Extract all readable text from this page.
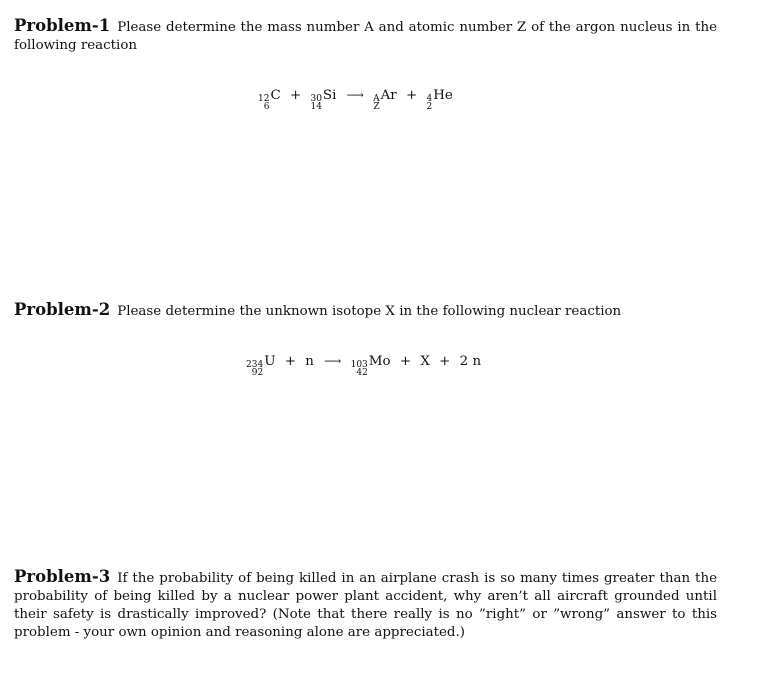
Problem-1 Please determine the mass number A and atomic number Z of the argon nucleus in the following reaction
12
6
C + 30
14
Si ⟶ A
Z
Ar + 4
2
He
Problem-2 Please determine the unknown isotope X in the following nuclear reaction
234
92
U + n ⟶ 103
42
Mo + X + 2 n
Problem-3 If the probability of being killed in an airplane crash is so many times greater than the probability of being killed by a nuclear power plant accident, why aren’t all aircraft grounded until their safety is drastically improved? (Note that there really is no ”right” or ”wrong” answer to this problem - your own opinion and reasoning alone are appreciated.)
